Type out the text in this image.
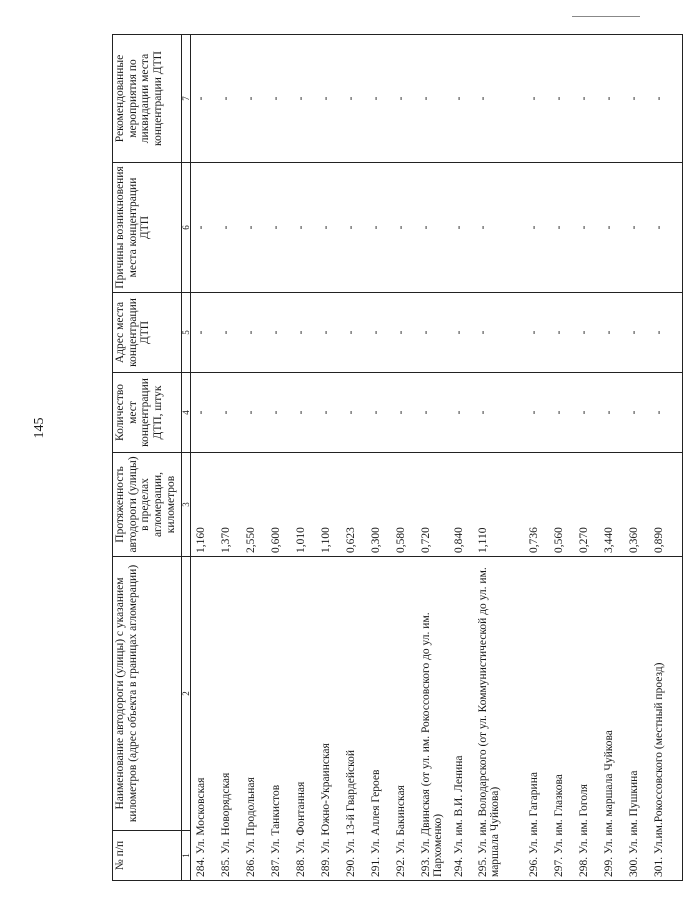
145
№ п/п	Наименование автодороги (улицы) с указанием километров (адрес объекта в границах агломерации)	Протяженность автодороги (улицы) в пределах агломерации, километров	Количество мест концентрации ДТП, штук	Адрес места концентрации ДТП	Причины возникновения места концентрации ДТП	Рекомендованные мероприятия по ликвидации места концентрации ДТП
1	2	3	4	5	6	7
284. Ул. Московская		1,160	-	-	-	-
285. Ул. Новорядская		1,370	-	-	-	-
286. Ул. Продольная		2,550	-	-	-	-
287. Ул. Танкистов		0,600	-	-	-	-
288. Ул. Фонтанная		1,010	-	-	-	-
289. Ул. Южно-Украинская		1,100	-	-	-	-
290. Ул. 13-й Гвардейской		0,623	-	-	-	-
291. Ул. Аллея Героев		0,300	-	-	-	-
292. Ул. Бакинская		0,580	-	-	-	-
293. Ул. Двинская (от ул. им. Рокоссовского до ул. им. Пархоменко)		0,720	-	-	-	-
294. Ул. им. В.И. Ленина		0,840	-	-	-	-
295. Ул. им. Володарского (от ул. Коммунистической до ул. им. маршала Чуйкова)		1,110	-	-	-	-
296. Ул. им. Гагарина		0,736	-	-	-	-
297. Ул. им. Глазкова		0,560	-	-	-	-
298. Ул. им. Гоголя		0,270	-	-	-	-
299. Ул. им. маршала Чуйкова		3,440	-	-	-	-
300. Ул. им. Пушкина		0,360	-	-	-	-
301. Ул.им.Рокоссовского (местный проезд)		0,890	-	-	-	-
